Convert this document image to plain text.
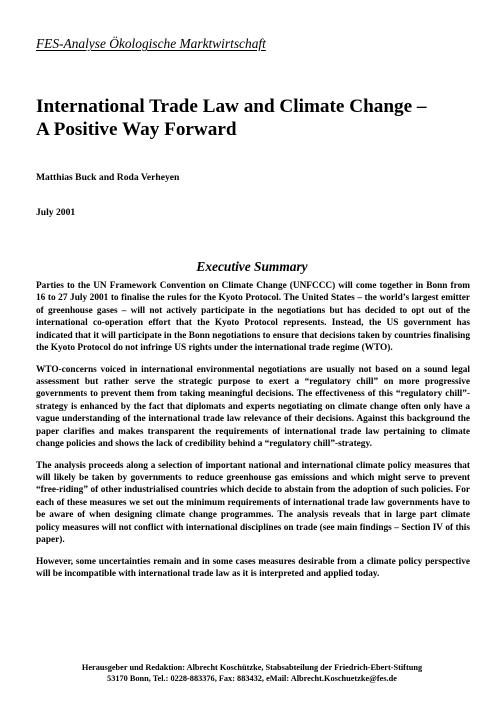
FES-Analyse Ökologische Marktwirtschaft
International Trade Law and Climate Change –
A Positive Way Forward
Matthias Buck and Roda Verheyen
July 2001
Executive Summary

Parties to the UN Framework Convention on Climate Change (UNFCCC) will come together in Bonn from 16 to 27 July 2001 to finalise the rules for the Kyoto Protocol. The United States – the world’s largest emitter of greenhouse gases – will not actively participate in the negotiations but has decided to opt out of the international co-operation effort that the Kyoto Protocol represents. Instead, the US government has indicated that it will participate in the Bonn negotiations to ensure that decisions taken by countries finalising the Kyoto Protocol do not infringe US rights under the international trade regime (WTO).

WTO-concerns voiced in international environmental negotiations are usually not based on a sound legal assessment but rather serve the strategic purpose to exert a “regulatory chill” on more progressive governments to prevent them from taking meaningful decisions. The effectiveness of this “regulatory chill”-strategy is enhanced by the fact that diplomats and experts negotiating on climate change often only have a vague understanding of the international trade law relevance of their decisions. Against this background the paper clarifies and makes transparent the requirements of international trade law pertaining to climate change policies and shows the lack of credibility behind a “regulatory chill”-strategy.

The analysis proceeds along a selection of important national and international climate policy measures that will likely be taken by governments to reduce greenhouse gas emissions and which might serve to prevent “free-riding” of other industrialised countries which decide to abstain from the adoption of such policies. For each of these measures we set out the minimum requirements of international trade law governments have to be aware of when designing climate change programmes. The analysis reveals that in large part climate policy measures will not conflict with international disciplines on trade (see main findings – Section IV of this paper).

However, some uncertainties remain and in some cases measures desirable from a climate policy perspective will be incompatible with international trade law as it is interpreted and applied today.

Herausgeber und Redaktion: Albrecht Koschützke, Stabsabteilung der Friedrich-Ebert-Stiftung
53170 Bonn, Tel.: 0228-883376, Fax: 883432, eMail: Albrecht.Koschuetzke@fes.de
